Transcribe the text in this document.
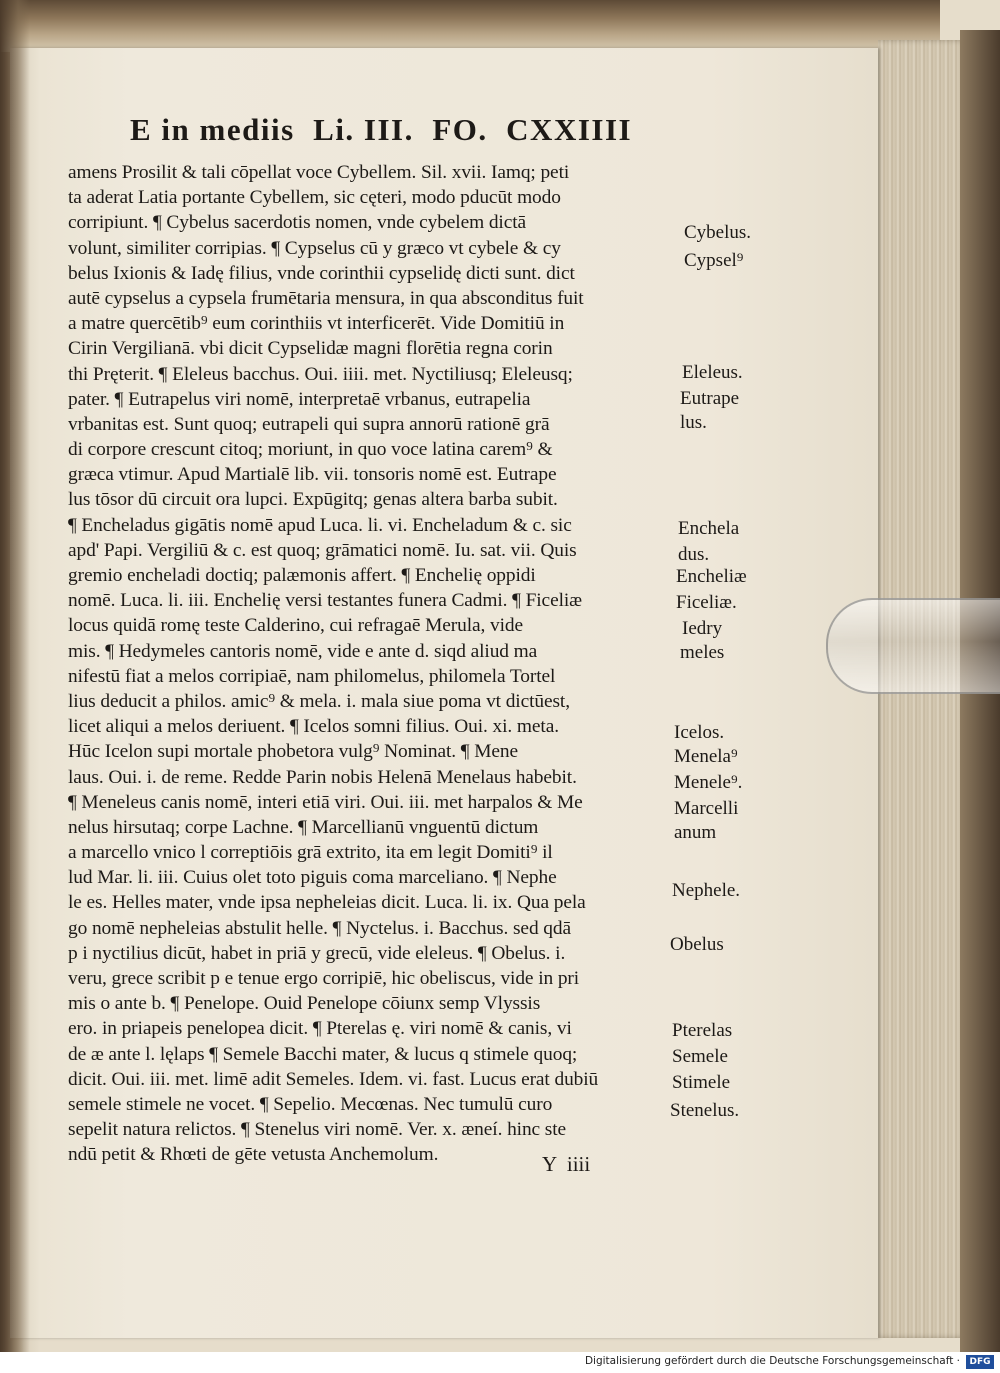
E in mediis  Li. III.  FO.  CXXIIII
amens Prosilit & tali cōpellat voce Cybellem. Sil. xvii. Iamq; peti
ta aderat Latia portante Cybellem, sic cęteri, modo pducūt modo
corripiunt. ¶ Cybelus sacerdotis nomen, vnde cybelem dictā
volunt, similiter corripias. ¶ Cypselus cū y græco vt cybele & cy
belus Ixionis & Iadę filius, vnde corinthii cypselidę dicti sunt. dict
autē cypselus a cypsela frumētaria mensura, in qua absconditus fuit
a matre quercētib⁹ eum corinthiis vt interficerēt. Vide Domitiū in
Cirin Vergilianā. vbi dicit Cypselidæ magni florētia regna corin
thi Pręterit. ¶ Eleleus bacchus. Oui. iiii. met. Nyctiliusq; Eleleusq;
pater. ¶ Eutrapelus viri nomē, interpretaē vrbanus, eutrapelia
vrbanitas est. Sunt quoq; eutrapeli qui supra annorū rationē grā
di corpore crescunt citoq; moriunt, in quo voce latina carem⁹ &
græca vtimur. Apud Martialē lib. vii. tonsoris nomē est. Eutrape
lus tōsor dū circuit ora lupci. Expūgitq; genas altera barba subit.
¶ Encheladus gigātis nomē apud Luca. li. vi. Encheladum & c. sic
apd' Papi. Vergiliū & c. est quoq; grāmatici nomē. Iu. sat. vii. Quis
gremio encheladi doctiq; palæmonis affert. ¶ Enchelię oppidi
nomē. Luca. li. iii. Enchelię versi testantes funera Cadmi. ¶ Ficeliæ
locus quidā romę teste Calderino, cui refragaē Merula, vide
mis. ¶ Hedymeles cantoris nomē, vide e ante d. siqd aliud ma
nifestū fiat a melos corripiaē, nam philomelus, philomela Tortel
lius deducit a philos. amic⁹ & mela. i. mala siue poma vt dictūest,
licet aliqui a melos deriuent. ¶ Icelos somni filius. Oui. xi. meta.
Hūc Icelon supi mortale phobetora vulg⁹ Nominat. ¶ Mene
laus. Oui. i. de reme. Redde Parin nobis Helenā Menelaus habebit.
¶ Meneleus canis nomē, interi etiā viri. Oui. iii. met harpalos & Me
nelus hirsutaq; corpe Lachne. ¶ Marcellianū vnguentū dictum
a marcello vnico l correptiōis grā extrito, ita em legit Domiti⁹ il
lud Mar. li. iii. Cuius olet toto piguis coma marceliano. ¶ Nephe
le es. Helles mater, vnde ipsa nepheleias dicit. Luca. li. ix. Qua pela
go nomē nepheleias abstulit helle. ¶ Nyctelus. i. Bacchus. sed qdā
p i nyctilius dicūt, habet in priā y grecū, vide eleleus. ¶ Obelus. i.
veru, grece scribit p e tenue ergo corripiē, hic obeliscus, vide in pri
mis o ante b. ¶ Penelope. Ouid Penelope cōiunx semp Vlyssis
ero. in priapeis penelopea dicit. ¶ Pterelas ę. viri nomē & canis, vi
de æ ante l. lęlaps ¶ Semele Bacchi mater, & lucus q stimele quoq;
dicit. Oui. iii. met. limē adit Semeles. Idem. vi. fast. Lucus erat dubiū
semele stimele ne vocet. ¶ Sepelio. Mecœnas. Nec tumulū curo
sepelit natura relictos. ¶ Stenelus viri nomē. Ver. x. æneí. hinc ste
ndū petit & Rhœti de gēte vetusta Anchemolum.
Cybelus.
Cypsel⁹
Eleleus.
Eutrape
lus.
Enchela
dus.
Encheliæ
Ficeliæ.
Iedry
meles
Icelos.
Menela⁹
Menele⁹.
Marcelli
anum
Nephele.
Obelus
Pterelas
Semele
Stimele
Stenelus.
Y  iiii
Digitalisierung gefördert durch die Deutsche Forschungsgemeinschaft ·	DFG
